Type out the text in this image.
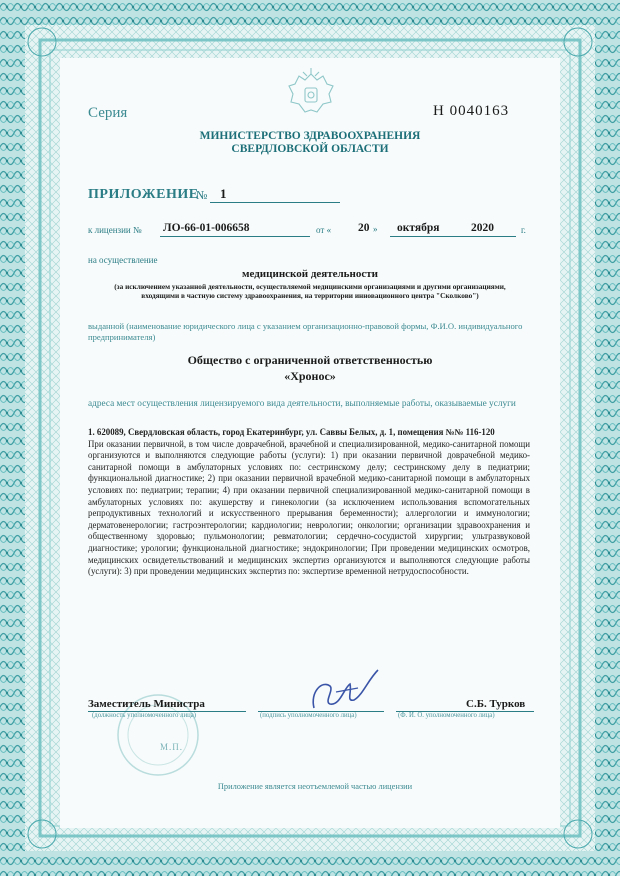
Серия	Н 0040163
МИНИСТЕРСТВО ЗДРАВООХРАНЕНИЯ СВЕРДЛОВСКОЙ ОБЛАСТИ
ПРИЛОЖЕНИЕ
№ 1
к лицензии № ЛО-66-01-006658	от « 20 » октября	2020	г.
на осуществление
медицинской деятельности
(за исключением указанной деятельности, осуществляемой медицинскими организациями и другими организациями, входящими в частную систему здравоохранения, на территории инновационного центра "Сколково")
выданной (наименование юридического лица с указанием организационно-правовой формы, Ф.И.О. индивидуального предпринимателя)
Общество с ограниченной ответственностью
«Хронос»
адреса мест осуществления лицензируемого вида деятельности, выполняемые работы, оказываемые услуги

1. 620089, Свердловская область, город Екатеринбург, ул. Саввы Белых, д. 1, помещения №№ 116-120

При оказании первичной, в том числе доврачебной, врачебной и специализированной, медико-санитарной помощи организуются и выполняются следующие работы (услуги): 1) при оказании первичной доврачебной медико-санитарной помощи в амбулаторных условиях по: сестринскому делу; сестринскому делу в педиатрии; функциональной диагностике; 2) при оказании первичной врачебной медико-санитарной помощи в амбулаторных условиях по: педиатрии; терапии; 4) при оказании первичной специализированной медико-санитарной помощи в амбулаторных условиях по: акушерству и гинекологии (за исключением использования вспомогательных репродуктивных технологий и искусственного прерывания беременности); аллергологии и иммунологии; дерматовенерологии; гастроэнтерологии; кардиологии; неврологии; онкологии; организации здравоохранения и общественному здоровью; пульмонологии; ревматологии; сердечно-сосудистой хирургии; ультразвуковой диагностике; урологии; функциональной диагностике; эндокринологии; При проведении медицинских осмотров, медицинских освидетельствований и медицинских экспертиз организуются и выполняются следующие работы (услуги): 3) при проведении медицинских экспертиз по: экспертизе временной нетрудоспособности.

Заместитель Министра
(должность уполномоченного лица)	(подпись уполномоченного лица)
С.Б. Турков
(Ф. И. О. уполномоченного лица)
М.П.
Приложение является неотъемлемой частью лицензии
